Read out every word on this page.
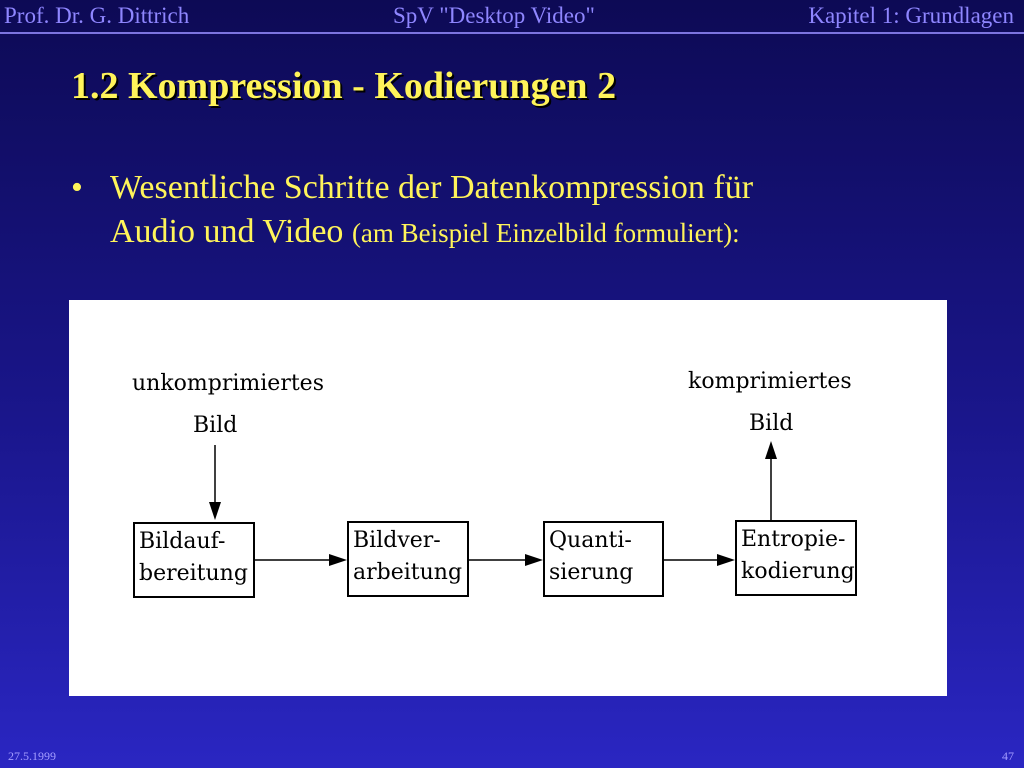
Prof. Dr. G. Dittrich	SpV "Desktop Video"	Kapitel 1: Grundlagen
1.2 Kompression - Kodierungen 2
• Wesentliche Schritte der Datenkompression für
Audio und Video (am Beispiel Einzelbild formuliert):
unkomprimiertes
Bild
komprimiertes
Bild
Bildauf-
bereitung
Bildver-
arbeitung
Quanti-
sierung
Entropie-
kodierung
27.5.1999	47
